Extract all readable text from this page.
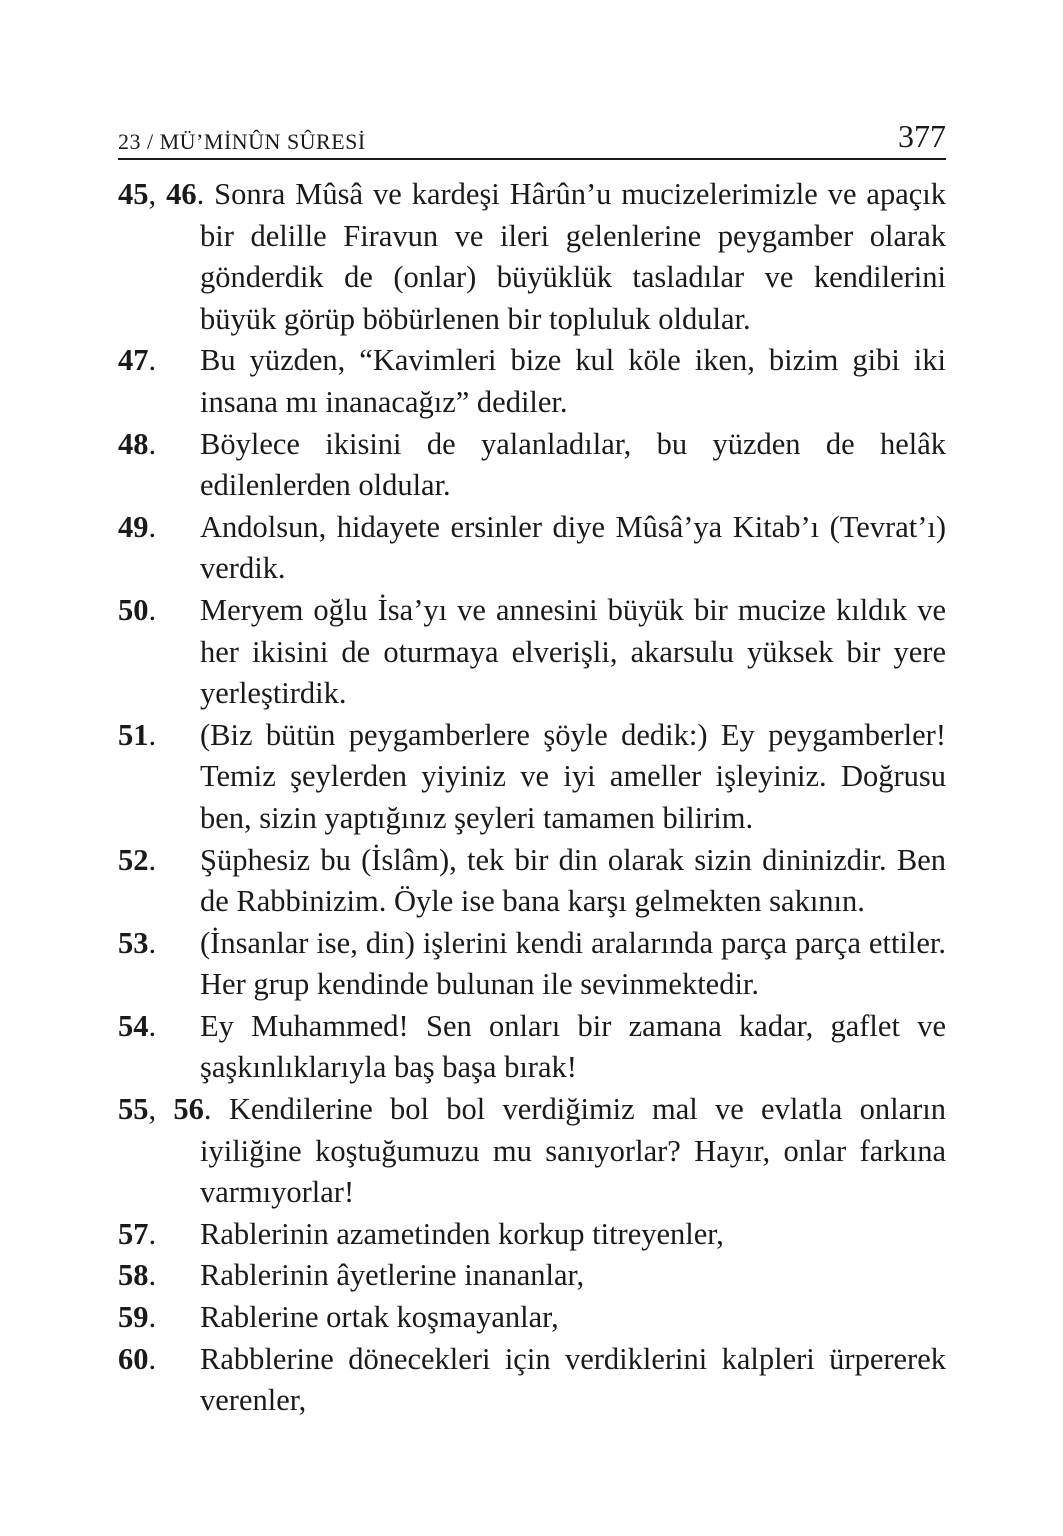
23 / MÜ’MİNÛN SÛRESİ	377
45, 46. Sonra Mûsâ ve kardeşi Hârûn’u mucizelerimizle ve apaçık bir delille Firavun ve ileri gelenlerine peygamber olarak gönderdik de (onlar) büyüklük tasladılar ve kendilerini büyük görüp böbürlenen bir topluluk oldular.
47.	Bu yüzden, “Kavimleri bize kul köle iken, bizim gibi iki insana mı inanacağız” dediler.
48.	Böylece ikisini de yalanladılar, bu yüzden de helâk edilenlerden oldular.
49.	Andolsun, hidayete ersinler diye Mûsâ’ya Kitab’ı (Tevrat’ı) verdik.
50.	Meryem oğlu İsa’yı ve annesini büyük bir mucize kıldık ve her ikisini de oturmaya elverişli, akarsulu yüksek bir yere yerleştirdik.
51.	(Biz bütün peygamberlere şöyle dedik:) Ey peygamberler! Temiz şeylerden yiyiniz ve iyi ameller işleyiniz. Doğrusu ben, sizin yaptığınız şeyleri tamamen bilirim.
52.	Şüphesiz bu (İslâm), tek bir din olarak sizin dininizdir. Ben de Rabbinizim. Öyle ise bana karşı gelmekten sakının.
53.	(İnsanlar ise, din) işlerini kendi aralarında parça parça ettiler. Her grup kendinde bulunan ile sevinmektedir.
54.	Ey Muhammed! Sen onları bir zamana kadar, gaflet ve şaşkınlıklarıyla baş başa bırak!
55, 56. Kendilerine bol bol verdiğimiz mal ve evlatla onların iyiliğine koştuğumuzu mu sanıyorlar? Hayır, onlar farkına varmıyorlar!
57.	Rablerinin azametinden korkup titreyenler,
58.	Rablerinin âyetlerine inananlar,
59.	Rablerine ortak koşmayanlar,
60.	Rabblerine dönecekleri için verdiklerini kalpleri ürpererek verenler,
